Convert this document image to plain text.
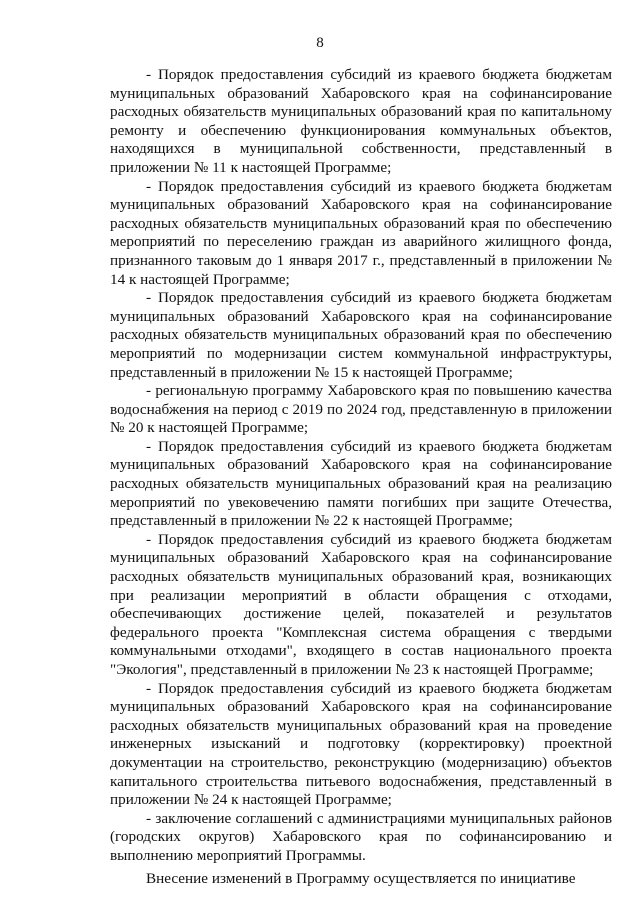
8

- Порядок предоставления субсидий из краевого бюджета бюджетам муниципальных образований Хабаровского края на софинансирование расходных обязательств муниципальных образований края по капитальному ремонту и обеспечению функционирования коммунальных объектов, находящихся в муниципальной собственности, представленный в приложении № 11 к настоящей Программе;

- Порядок предоставления субсидий из краевого бюджета бюджетам муниципальных образований Хабаровского края на софинансирование расходных обязательств муниципальных образований края по обеспечению мероприятий по переселению граждан из аварийного жилищного фонда, признанного таковым до 1 января 2017 г., представленный в приложении № 14 к настоящей Программе;

- Порядок предоставления субсидий из краевого бюджета бюджетам муниципальных образований Хабаровского края на софинансирование расходных обязательств муниципальных образований края по обеспечению мероприятий по модернизации систем коммунальной инфраструктуры, представленный в приложении № 15 к настоящей Программе;

- региональную программу Хабаровского края по повышению качества водоснабжения на период с 2019 по 2024 год, представленную в приложении № 20 к настоящей Программе;

- Порядок предоставления субсидий из краевого бюджета бюджетам муниципальных образований Хабаровского края на софинансирование расходных обязательств муниципальных образований края на реализацию мероприятий по увековечению памяти погибших при защите Отечества, представленный в приложении № 22 к настоящей Программе;

- Порядок предоставления субсидий из краевого бюджета бюджетам муниципальных образований Хабаровского края на софинансирование расходных обязательств муниципальных образований края, возникающих при реализации мероприятий в области обращения с отходами, обеспечивающих достижение целей, показателей и результатов федерального проекта "Комплексная система обращения с твердыми коммунальными отходами", входящего в состав национального проекта "Экология", представленный в приложении № 23 к настоящей Программе;

- Порядок предоставления субсидий из краевого бюджета бюджетам муниципальных образований Хабаровского края на софинансирование расходных обязательств муниципальных образований края на проведение инженерных изысканий и подготовку (корректировку) проектной документации на строительство, реконструкцию (модернизацию) объектов капитального строительства питьевого водоснабжения, представленный в приложении № 24 к настоящей Программе;

- заключение соглашений с администрациями муниципальных районов (городских округов) Хабаровского края по софинансированию и выполнению мероприятий Программы.

Внесение изменений в Программу осуществляется по инициативе
